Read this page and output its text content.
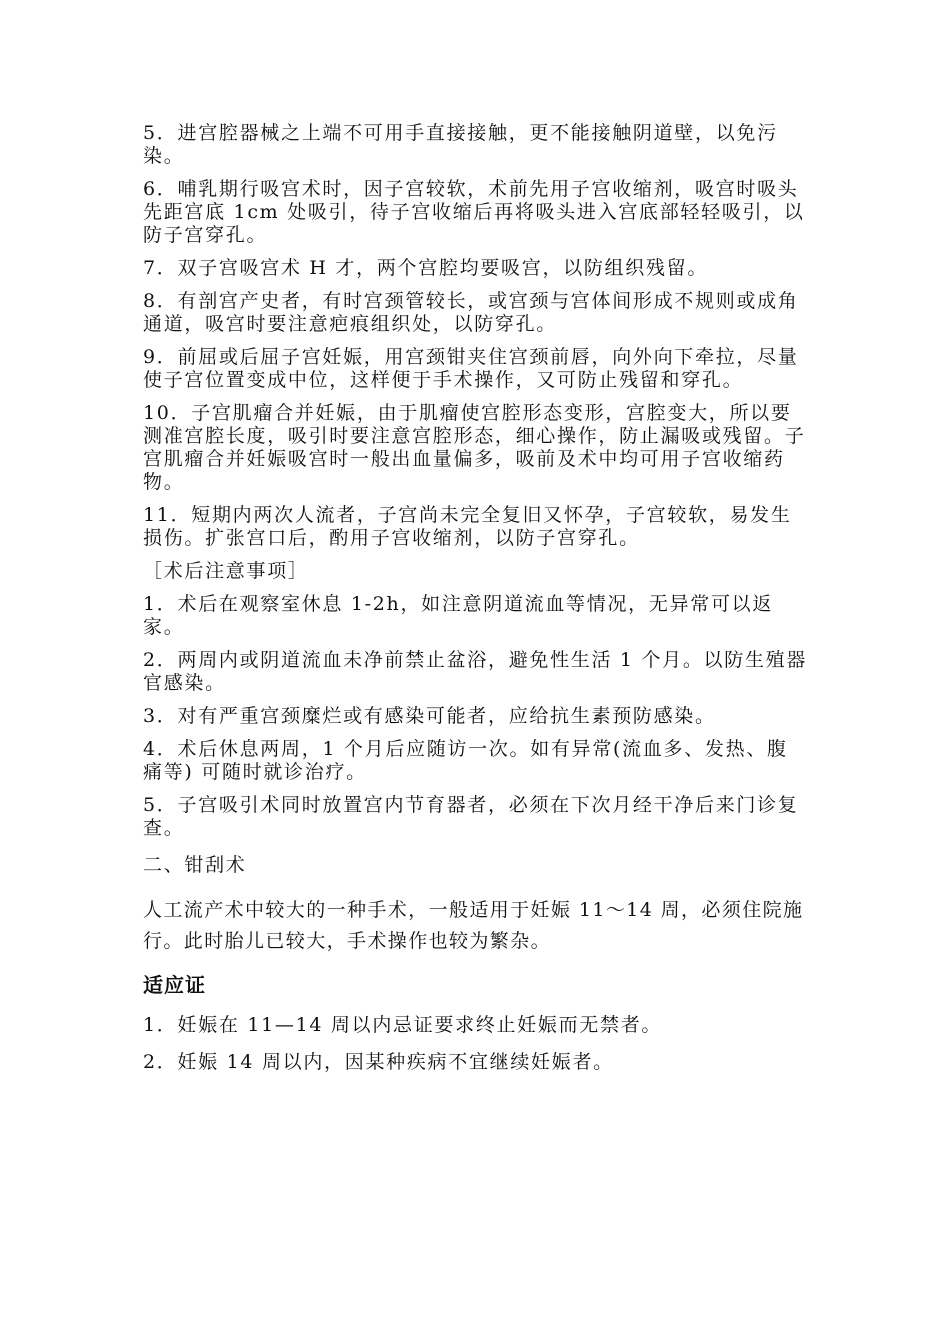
5．进宫腔器械之上端不可用手直接接触，更不能接触阴道壁，以免污染。

6．哺乳期行吸宫术时，因子宫较软，术前先用子宫收缩剂，吸宫时吸头先距宫底 1cm 处吸引，待子宫收缩后再将吸头进入宫底部轻轻吸引，以防子宫穿孔。

7．双子宫吸宫术 H 才，两个宫腔均要吸宫，以防组织残留。

8．有剖宫产史者，有时宫颈管较长，或宫颈与宫体间形成不规则或成角通道，吸宫时要注意疤痕组织处，以防穿孔。

9．前屈或后屈子宫妊娠，用宫颈钳夹住宫颈前唇，向外向下牵拉，尽量使子宫位置变成中位，这样便于手术操作，又可防止残留和穿孔。

10．子宫肌瘤合并妊娠，由于肌瘤使宫腔形态变形，宫腔变大，所以要测准宫腔长度，吸引时要注意宫腔形态，细心操作，防止漏吸或残留。子宫肌瘤合并妊娠吸宫时一般出血量偏多，吸前及术中均可用子宫收缩药物。

11．短期内两次人流者，子宫尚未完全复旧又怀孕，子宫较软，易发生损伤。扩张宫口后，酌用子宫收缩剂，以防子宫穿孔。

［术后注意事项］

1．术后在观察室休息 1-2h，如注意阴道流血等情况，无异常可以返家。

2．两周内或阴道流血未净前禁止盆浴，避免性生活 1 个月。以防生殖器官感染。

3．对有严重宫颈糜烂或有感染可能者，应给抗生素预防感染。

4．术后休息两周，1 个月后应随访一次。如有异常(流血多、发热、腹痛等) 可随时就诊治疗。

5．子宫吸引术同时放置宫内节育器者，必须在下次月经干净后来门诊复查。

二、钳刮术

人工流产术中较大的一种手术，一般适用于妊娠 11～14 周，必须住院施行。此时胎儿已较大，手术操作也较为繁杂。

适应证

1．妊娠在 11—14 周以内忌证要求终止妊娠而无禁者。

2．妊娠 14 周以内，因某种疾病不宜继续妊娠者。
